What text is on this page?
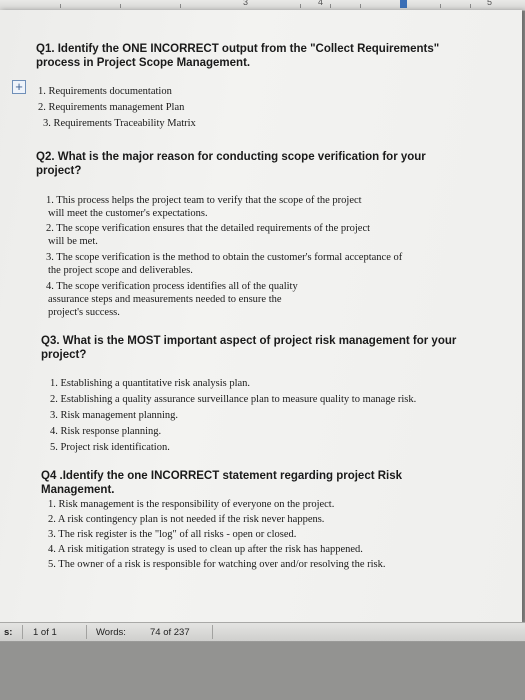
3	4	5
+
Q1. Identify the ONE INCORRECT output from the "Collect Requirements" process in Project Scope Management.
1. Requirements documentation
2. Requirements management Plan
3. Requirements Traceability Matrix
Q2. What is the major reason for conducting scope verification for your project?
1. This process helps the project team to verify that the scope of the project
will meet the customer's expectations.
2. The scope verification ensures that the detailed requirements of the project
will be met.
3. The scope verification is the method to obtain the customer's formal acceptance of
the project scope and deliverables.
4. The scope verification process identifies all of the quality
assurance steps and measurements needed to ensure the
project's success.
Q3. What is the MOST important aspect of project risk management for your project?
1. Establishing a quantitative risk analysis plan.
2. Establishing a quality assurance surveillance plan to measure quality to manage risk.
3. Risk management planning.
4. Risk response planning.
5. Project risk identification.
Q4 .Identify the one INCORRECT statement regarding project Risk Management.
1. Risk management is the responsibility of everyone on the project.
2. A risk contingency plan is not needed if the risk never happens.
3. The risk register is the "log" of all risks - open or closed.
4. A risk mitigation strategy is used to clean up after the risk has happened.
5. The owner of a risk is responsible for watching over and/or resolving the risk.
s: 1 of 1	Words:	74 of 237
